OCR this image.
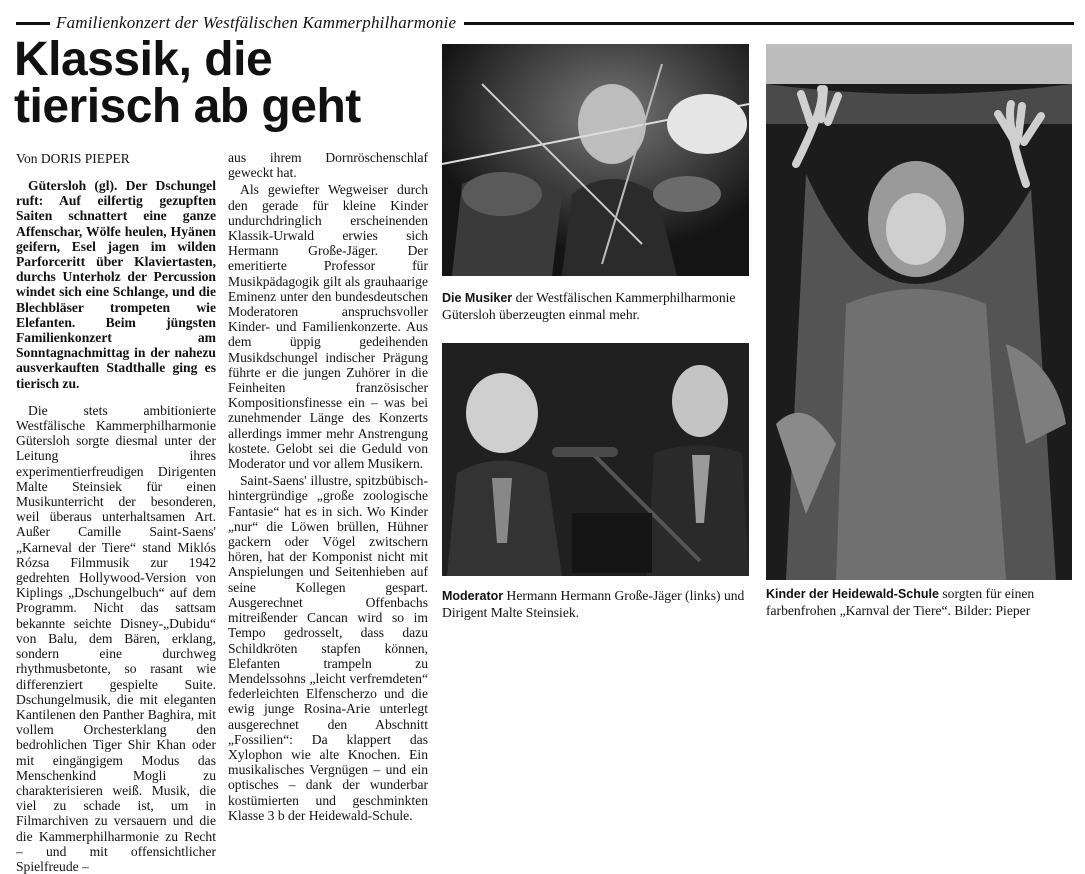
Familienkonzert der Westfälischen Kammerphilharmonie
Klassik, die
tierisch ab geht
Von DORIS PIEPER

Gütersloh (gl). Der Dschungel ruft: Auf eilfertig gezupften Saiten schnattert eine ganze Affenschar, Wölfe heulen, Hyänen geifern, Esel jagen im wilden Parforceritt über Klaviertasten, durchs Unterholz der Percussion windet sich eine Schlange, und die Blechbläser trompeten wie Elefanten. Beim jüngsten Familienkonzert am Sonntagnachmittag in der nahezu ausverkauften Stadthalle ging es tierisch zu.

Die stets ambitionierte Westfälische Kammerphilharmonie Gütersloh sorgte diesmal unter der Leitung ihres experimentierfreudigen Dirigenten Malte Steinsiek für einen Musikunterricht der besonderen, weil überaus unterhaltsamen Art. Außer Camille Saint-Saens' „Karneval der Tiere“ stand Miklós Rózsa Filmmusik zur 1942 gedrehten Hollywood-Version von Kiplings „Dschungelbuch“ auf dem Programm. Nicht das sattsam bekannte seichte Disney-„Dubidu“ von Balu, dem Bären, erklang, sondern eine durchweg rhythmusbetonte, so rasant wie differenziert gespielte Suite. Dschungelmusik, die mit eleganten Kantilenen den Panther Baghira, mit vollem Orchesterklang den bedrohlichen Tiger Shir Khan oder mit eingängigem Modus das Menschenkind Mogli zu charakterisieren weiß. Musik, die viel zu schade ist, um in Filmarchiven zu versauern und die die Kammerphilharmonie zu Recht – und mit offensichtlicher Spielfreude –

aus ihrem Dornröschenschlaf geweckt hat.

Als gewiefter Wegweiser durch den gerade für kleine Kinder undurchdringlich erscheinenden Klassik-Urwald erwies sich Hermann Große-Jäger. Der emeritierte Professor für Musikpädagogik gilt als grauhaarige Eminenz unter den bundesdeutschen Moderatoren anspruchsvoller Kinder- und Familienkonzerte. Aus dem üppig gedeihenden Musikdschungel indischer Prägung führte er die jungen Zuhörer in die Feinheiten französischer Kompositionsfinesse ein – was bei zunehmender Länge des Konzerts allerdings immer mehr Anstrengung kostete. Gelobt sei die Geduld von Moderator und vor allem Musikern.

Saint-Saens' illustre, spitzbübisch-hintergründige „große zoologische Fantasie“ hat es in sich. Wo Kinder „nur“ die Löwen brüllen, Hühner gackern oder Vögel zwitschern hören, hat der Komponist nicht mit Anspielungen und Seitenhieben auf seine Kollegen gespart. Ausgerechnet Offenbachs mitreißender Cancan wird so im Tempo gedrosselt, dass dazu Schildkröten stapfen können, Elefanten trampeln zu Mendelssohns „leicht verfremdeten“ federleichten Elfenscherzo und die ewig junge Rosina-Arie unterlegt ausgerechnet den Abschnitt „Fossilien“: Da klappert das Xylophon wie alte Knochen. Ein musikalisches Vergnügen – und ein optisches – dank der wunderbar kostümierten und geschminkten Klasse 3 b der Heidewald-Schule.

Die Musiker der Westfälischen Kammerphilharmonie Gütersloh überzeugten einmal mehr.
Moderator Hermann Hermann Große-Jäger (links) und Dirigent Malte Steinsiek.
Kinder der Heidewald-Schule sorgten für einen farbenfrohen „Karnval der Tiere“. Bilder: Pieper
